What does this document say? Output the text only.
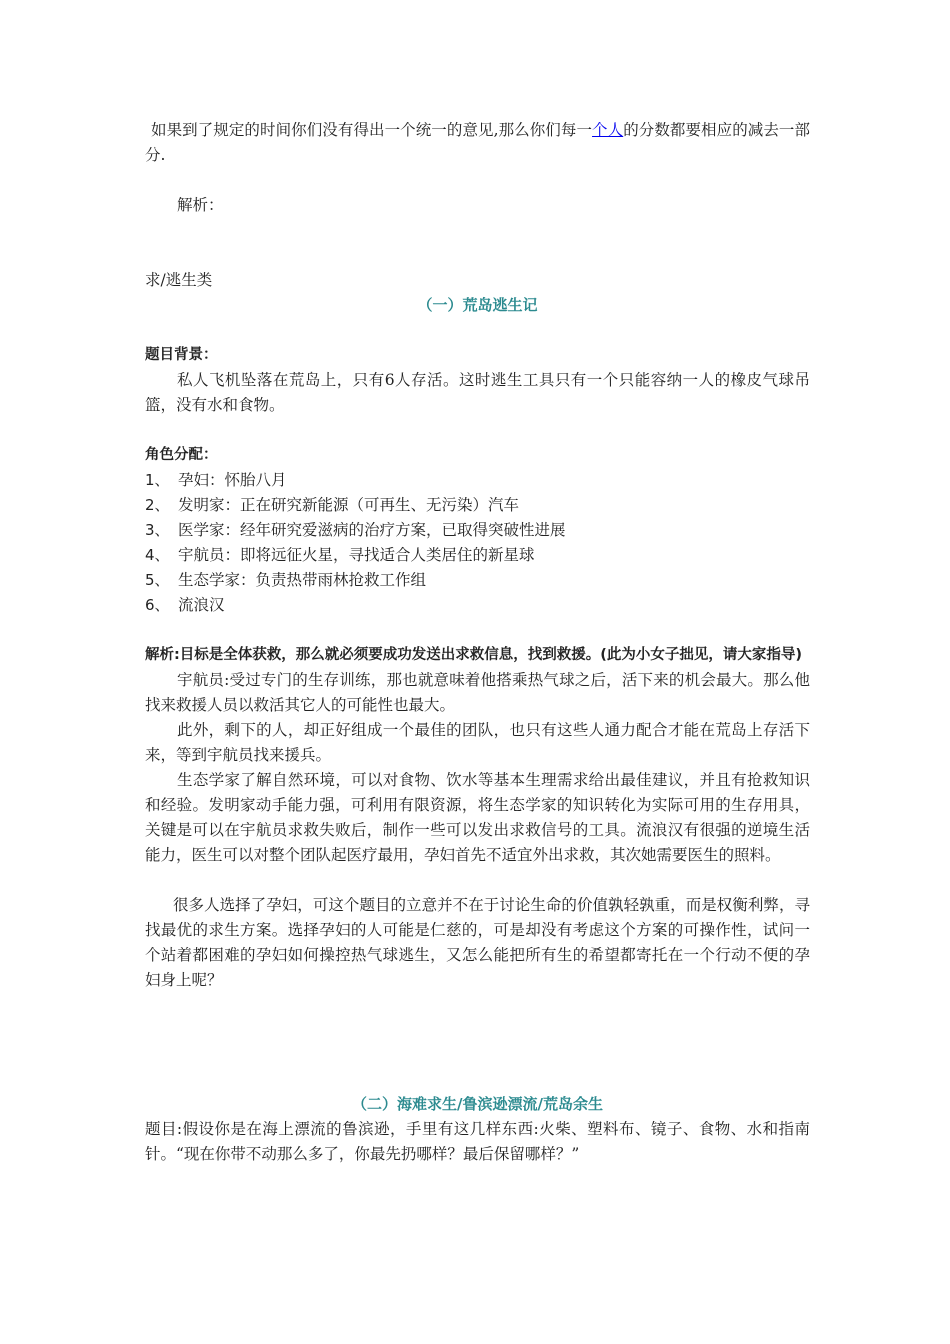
如果到了规定的时间你们没有得出一个统一的意见,那么你们每一个人的分数都要相应的减去一部分.

解析：

求/逃生类

（一）荒岛逃生记

题目背景：

私人飞机坠落在荒岛上，只有6人存活。这时逃生工具只有一个只能容纳一人的橡皮气球吊篮，没有水和食物。

角色分配：

1、 孕妇：怀胎八月
2、 发明家：正在研究新能源（可再生、无污染）汽车
3、 医学家：经年研究爱滋病的治疗方案，已取得突破性进展
4、 宇航员：即将远征火星，寻找适合人类居住的新星球
5、 生态学家：负责热带雨林抢救工作组
6、 流浪汉

解析:目标是全体获救，那么就必须要成功发送出求救信息，找到救援。(此为小女子拙见，请大家指导)

宇航员:受过专门的生存训练，那也就意味着他搭乘热气球之后，活下来的机会最大。那么他找来救援人员以救活其它人的可能性也最大。

此外，剩下的人，却正好组成一个最佳的团队，也只有这些人通力配合才能在荒岛上存活下来，等到宇航员找来援兵。

生态学家了解自然环境，可以对食物、饮水等基本生理需求给出最佳建议，并且有抢救知识和经验。发明家动手能力强，可利用有限资源，将生态学家的知识转化为实际可用的生存用具，关键是可以在宇航员求救失败后，制作一些可以发出求救信号的工具。流浪汉有很强的逆境生活能力，医生可以对整个团队起医疗最用，孕妇首先不适宜外出求救，其次她需要医生的照料。

很多人选择了孕妇，可这个题目的立意并不在于讨论生命的价值孰轻孰重，而是权衡利弊，寻找最优的求生方案。选择孕妇的人可能是仁慈的，可是却没有考虑这个方案的可操作性，试问一个站着都困难的孕妇如何操控热气球逃生，又怎么能把所有生的希望都寄托在一个行动不便的孕妇身上呢？

（二）海难求生/鲁滨逊漂流/荒岛余生

题目:假设你是在海上漂流的鲁滨逊，手里有这几样东西:火柴、塑料布、镜子、食物、水和指南针。“现在你带不动那么多了，你最先扔哪样？最后保留哪样？”
